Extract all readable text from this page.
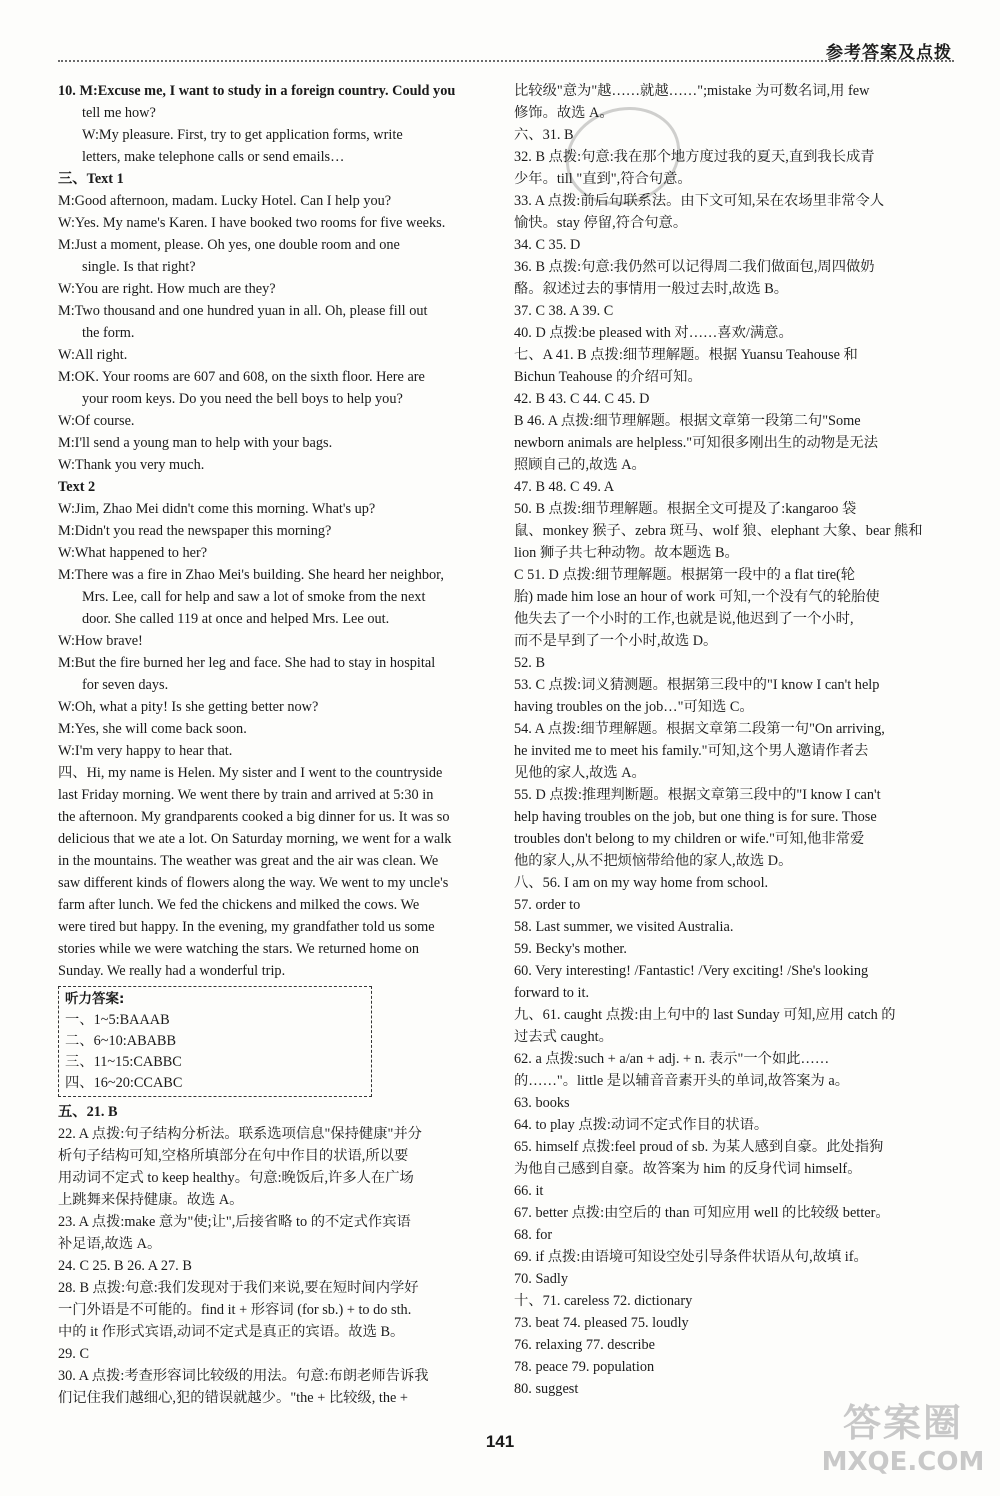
参考答案及点拨
10. M:Excuse me, I want to study in a foreign country. Could you
tell me how?
W:My pleasure. First, try to get application forms, write
letters, make telephone calls or send emails…
三、Text 1
M:Good afternoon, madam. Lucky Hotel. Can I help you?
W:Yes. My name's Karen. I have booked two rooms for five weeks.
M:Just a moment, please. Oh yes, one double room and one
single. Is that right?
W:You are right. How much are they?
M:Two thousand and one hundred yuan in all. Oh, please fill out
the form.
W:All right.
M:OK. Your rooms are 607 and 608, on the sixth floor. Here are
your room keys. Do you need the bell boys to help you?
W:Of course.
M:I'll send a young man to help with your bags.
W:Thank you very much.
Text 2
W:Jim, Zhao Mei didn't come this morning. What's up?
M:Didn't you read the newspaper this morning?
W:What happened to her?
M:There was a fire in Zhao Mei's building. She heard her neighbor,
Mrs. Lee, call for help and saw a lot of smoke from the next
door. She called 119 at once and helped Mrs. Lee out.
W:How brave!
M:But the fire burned her leg and face. She had to stay in hospital
for seven days.
W:Oh, what a pity! Is she getting better now?
M:Yes, she will come back soon.
W:I'm very happy to hear that.
四、Hi, my name is Helen. My sister and I went to the countryside
last Friday morning. We went there by train and arrived at 5:30 in
the afternoon. My grandparents cooked a big dinner for us. It was so
delicious that we ate a lot. On Saturday morning, we went for a walk
in the mountains. The weather was great and the air was clean. We
saw different kinds of flowers along the way. We went to my uncle's
farm after lunch. We fed the chickens and milked the cows. We
were tired but happy. In the evening, my grandfather told us some
stories while we were watching the stars. We returned home on
Sunday. We really had a wonderful trip.
听力答案:
一、1~5:BAAAB
二、6~10:ABABB
三、11~15:CABBC
四、16~20:CCABC
五、21. B
22. A 点拨:句子结构分析法。联系选项信息"保持健康"并分
析句子结构可知,空格所填部分在句中作目的状语,所以要
用动词不定式 to keep healthy。句意:晚饭后,许多人在广场
上跳舞来保持健康。故选 A。
23. A 点拨:make 意为"使;让",后接省略 to 的不定式作宾语
补足语,故选 A。
24. C 25. B 26. A 27. B
28. B 点拨:句意:我们发现对于我们来说,要在短时间内学好
一门外语是不可能的。find it + 形容词 (for sb.) + to do sth.
中的 it 作形式宾语,动词不定式是真正的宾语。故选 B。
29. C
30. A 点拨:考查形容词比较级的用法。句意:布朗老师告诉我
们记住我们越细心,犯的错误就越少。"the + 比较级, the +
比较级"意为"越……就越……";mistake 为可数名词,用 few
修饰。故选 A。
六、31. B
32. B 点拨:句意:我在那个地方度过我的夏天,直到我长成青
少年。till "直到",符合句意。
33. A 点拨:前后句联系法。由下文可知,呆在农场里非常令人
愉快。stay 停留,符合句意。
34. C 35. D
36. B 点拨:句意:我仍然可以记得周二我们做面包,周四做奶
酪。叙述过去的事情用一般过去时,故选 B。
37. C 38. A 39. C
40. D 点拨:be pleased with 对……喜欢/满意。
七、A 41. B 点拨:细节理解题。根据 Yuansu Teahouse 和
Bichun Teahouse 的介绍可知。
42. B 43. C 44. C 45. D
B 46. A 点拨:细节理解题。根据文章第一段第二句"Some
newborn animals are helpless."可知很多刚出生的动物是无法
照顾自己的,故选 A。
47. B 48. C 49. A
50. B 点拨:细节理解题。根据全文可提及了:kangaroo 袋
鼠、monkey 猴子、zebra 斑马、wolf 狼、elephant 大象、bear 熊和
lion 狮子共七种动物。故本题选 B。
C 51. D 点拨:细节理解题。根据第一段中的 a flat tire(轮
胎) made him lose an hour of work 可知,一个没有气的轮胎使
他失去了一个小时的工作,也就是说,他迟到了一个小时,
而不是早到了一个小时,故选 D。
52. B
53. C 点拨:词义猜测题。根据第三段中的"I know I can't help
having troubles on the job…"可知选 C。
54. A 点拨:细节理解题。根据文章第二段第一句"On arriving,
he invited me to meet his family."可知,这个男人邀请作者去
见他的家人,故选 A。
55. D 点拨:推理判断题。根据文章第三段中的"I know I can't
help having troubles on the job, but one thing is for sure. Those
troubles don't belong to my children or wife."可知,他非常爱
他的家人,从不把烦恼带给他的家人,故选 D。
八、56. I am on my way home from school.
57. order to
58. Last summer, we visited Australia.
59. Becky's mother.
60. Very interesting! /Fantastic! /Very exciting! /She's looking
forward to it.
九、61. caught 点拨:由上句中的 last Sunday 可知,应用 catch 的
过去式 caught。
62. a 点拨:such + a/an + adj. + n. 表示"一个如此……
的……"。little 是以辅音音素开头的单词,故答案为 a。
63. books
64. to play 点拨:动词不定式作目的状语。
65. himself 点拨:feel proud of sb. 为某人感到自豪。此处指狗
为他自己感到自豪。故答案为 him 的反身代词 himself。
66. it
67. better 点拨:由空后的 than 可知应用 well 的比较级 better。
68. for
69. if 点拨:由语境可知设空处引导条件状语从句,故填 if。
70. Sadly
十、71. careless 72. dictionary
73. beat 74. pleased 75. loudly
76. relaxing 77. describe
78. peace 79. population
80. suggest
141	答案圈
MXQE.COM
